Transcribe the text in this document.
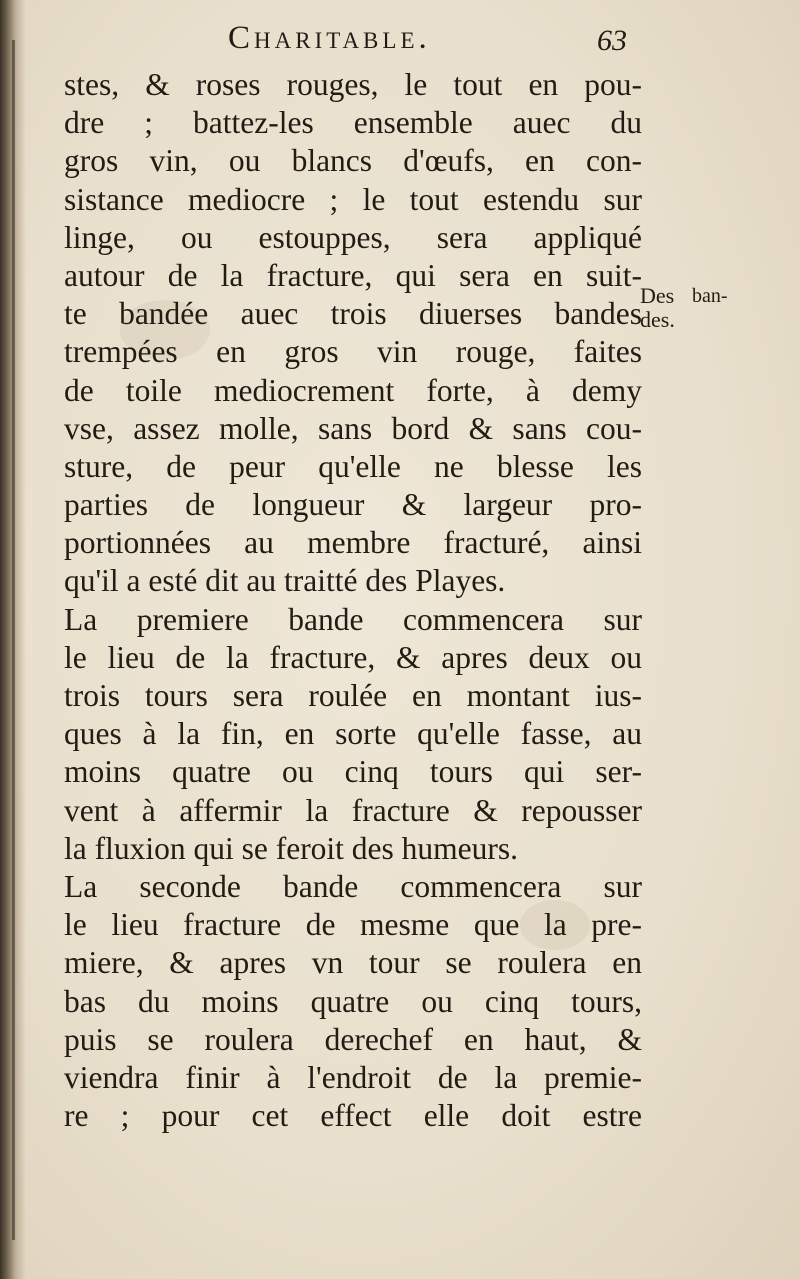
Charitable.	63
stes, & roses rouges, le tout en pou-
dre ; battez-les ensemble auec du
gros vin, ou blancs d'œufs, en con-
sistance mediocre ; le tout estendu sur
linge, ou estouppes, sera appliqué
autour de la fracture, qui sera en suit-
te bandée auec trois diuerses bandes
trempées en gros vin rouge, faites
de toile mediocrement forte, à demy
vse, assez molle, sans bord & sans cou-
sture, de peur qu'elle ne blesse les
parties de longueur & largeur pro-
portionnées au membre fracturé, ainsi
qu'il a esté dit au traitté des Playes.
La premiere bande commencera sur
le lieu de la fracture, & apres deux ou
trois tours sera roulée en montant ius-
ques à la fin, en sorte qu'elle fasse, au
moins quatre ou cinq tours qui ser-
vent à affermir la fracture & repousser
la fluxion qui se feroit des humeurs.
La seconde bande commencera sur
le lieu fracture de mesme que la pre-
miere, & apres vn tour se roulera en
bas du moins quatre ou cinq tours,
puis se roulera derechef en haut, &
viendra finir à l'endroit de la premie-
re ; pour cet effect elle doit estre
Des
des.
ban-
